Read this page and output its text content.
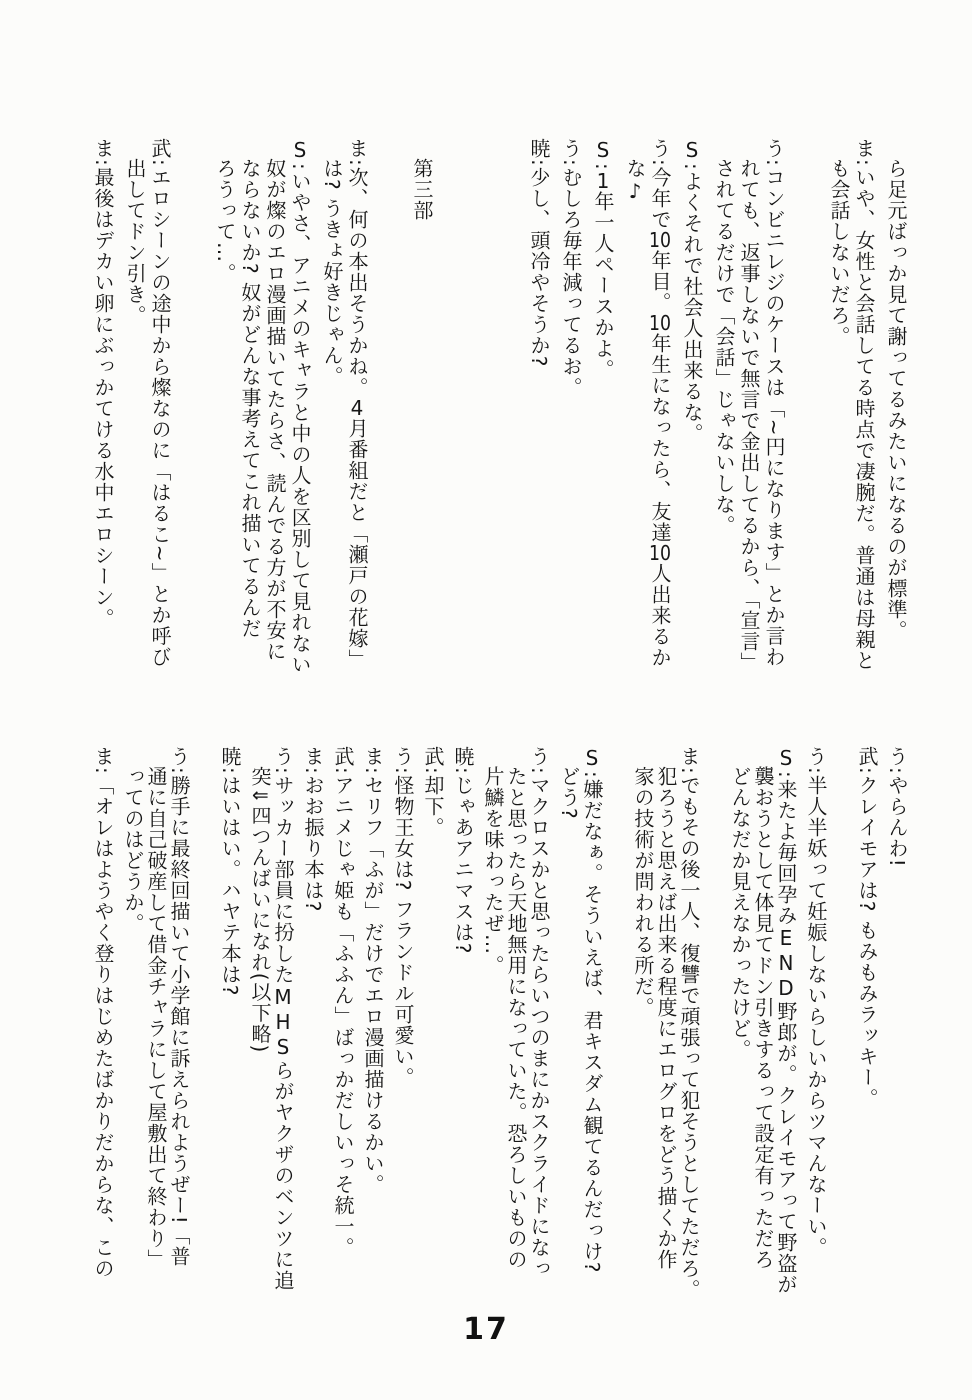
ら足元ばっか見て謝ってるみたいになるのが標準。
ま:いや、女性と会話してる時点で凄腕だ。普通は母親と
も会話しないだろ。
う:コンビニレジのケースは「~円になります」とか言わ
れても、返事しないで無言で金出してるから、「宣言」
されてるだけで「会話」じゃないしな。
S:よくそれで社会人出来るな。
う:今年で10年目。10年生になったら、友達10人出来るか
な♪
S:1年一人ペースかよ。
う:むしろ毎年減ってるお。
暁:少し、頭冷やそうか?
第三部
ま:次、何の本出そうかね。4月番組だと「瀬戸の花嫁」
は? うきょ好きじゃん。
S:いやさ、アニメのキャラと中の人を区別して見れない
奴が燦のエロ漫画描いてたらさ、読んでる方が不安に
ならないか? 奴がどんな事考えてこれ描いてるんだ
ろうって…。
武:エロシーンの途中から燦なのに「はるこ~」とか呼び
出してドン引き。
ま:最後はデカい卵にぶっかてける水中エロシーン。
う:やらんわ!
武:クレイモアは? もみもみラッキー。
う:半人半妖って妊娠しないらしいからツマんなーい。
S:来たよ毎回孕みEND野郎が。クレイモアって野盗が
襲おうとして体見てドン引きするって設定有っただろ
どんなだか見えなかったけど。
ま:でもその後一人、復讐で頑張って犯そうとしてただろ。
犯ろうと思えば出来る程度にエログロをどう描くか作
家の技術が問われる所だ。
S:嫌だなぁ。そういえば、君キスダム観てるんだっけ?
どう?
う:マクロスかと思ったらいつのまにかスクライドになっ
たと思ったら天地無用になっていた。恐ろしいものの
片鱗を味わったぜ…。
暁:じゃあアニマスは?
武:却下。
う:怪物王女は? フランドル可愛い。
ま:セリフ「ふが」だけでエロ漫画描けるかい。
武:アニメじゃ姫も「ふふん」ばっかだしいっそ統一。
ま:おお振り本は?
う:サッカー部員に扮したMHSらがヤクザのベンツに追
突⇓四つんばいになれ(以下略)
暁:はいはい。ハヤテ本は?
う:勝手に最終回描いて小学館に訴えられようぜー!「普
通に自己破産して借金チャラにして屋敷出て終わり」
ってのはどうか。
ま:「オレはようやく登りはじめたばかりだからな、この
17
